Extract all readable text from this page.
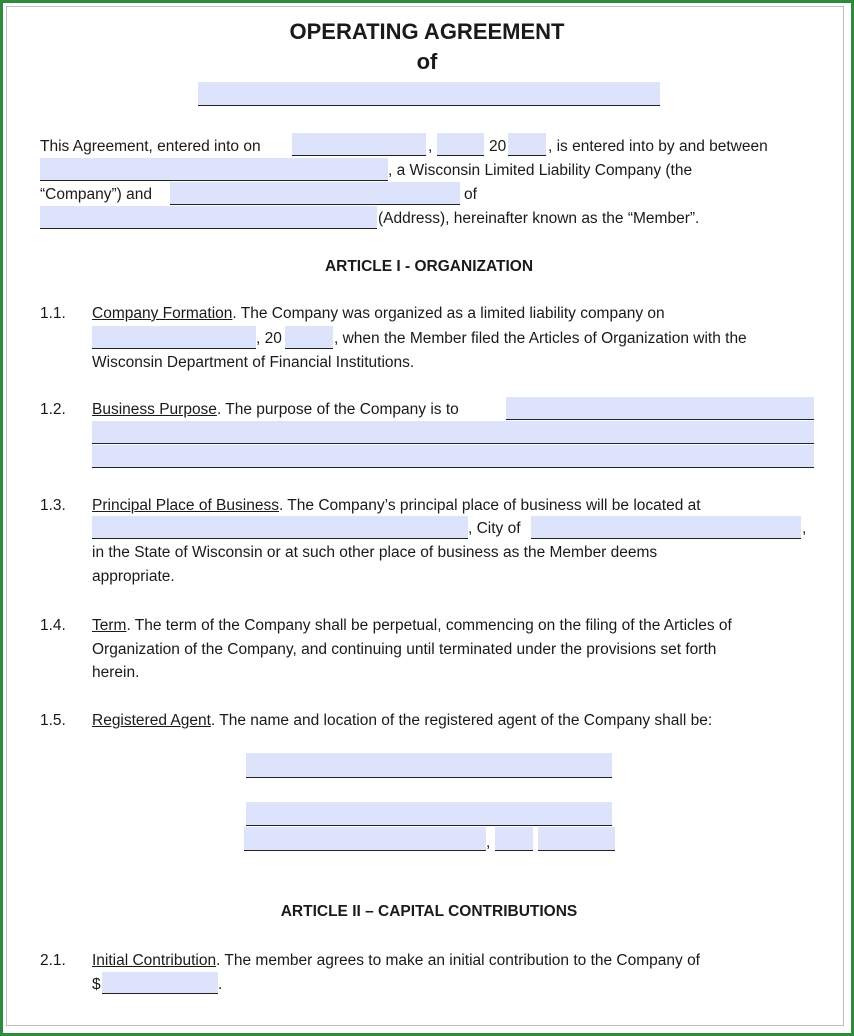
OPERATING AGREEMENT
of
This Agreement, entered into on	,	20	, is entered into by and between
, a Wisconsin Limited Liability Company (the
“Company”) and	of
(Address), hereinafter known as the “Member”.
ARTICLE I - ORGANIZATION
1.1. Company Formation. The Company was organized as a limited liability company on
, 20	, when the Member filed the Articles of Organization with the
Wisconsin Department of Financial Institutions.
1.2. Business Purpose. The purpose of the Company is to
1.3. Principal Place of Business. The Company’s principal place of business will be located at
, City of	,
in the State of Wisconsin or at such other place of business as the Member deems
appropriate.
1.4. Term. The term of the Company shall be perpetual, commencing on the filing of the Articles of
Organization of the Company, and continuing until terminated under the provisions set forth
herein.
1.5. Registered Agent. The name and location of the registered agent of the Company shall be:
,
ARTICLE II – CAPITAL CONTRIBUTIONS
2.1. Initial Contribution. The member agrees to make an initial contribution to the Company of
$	.
